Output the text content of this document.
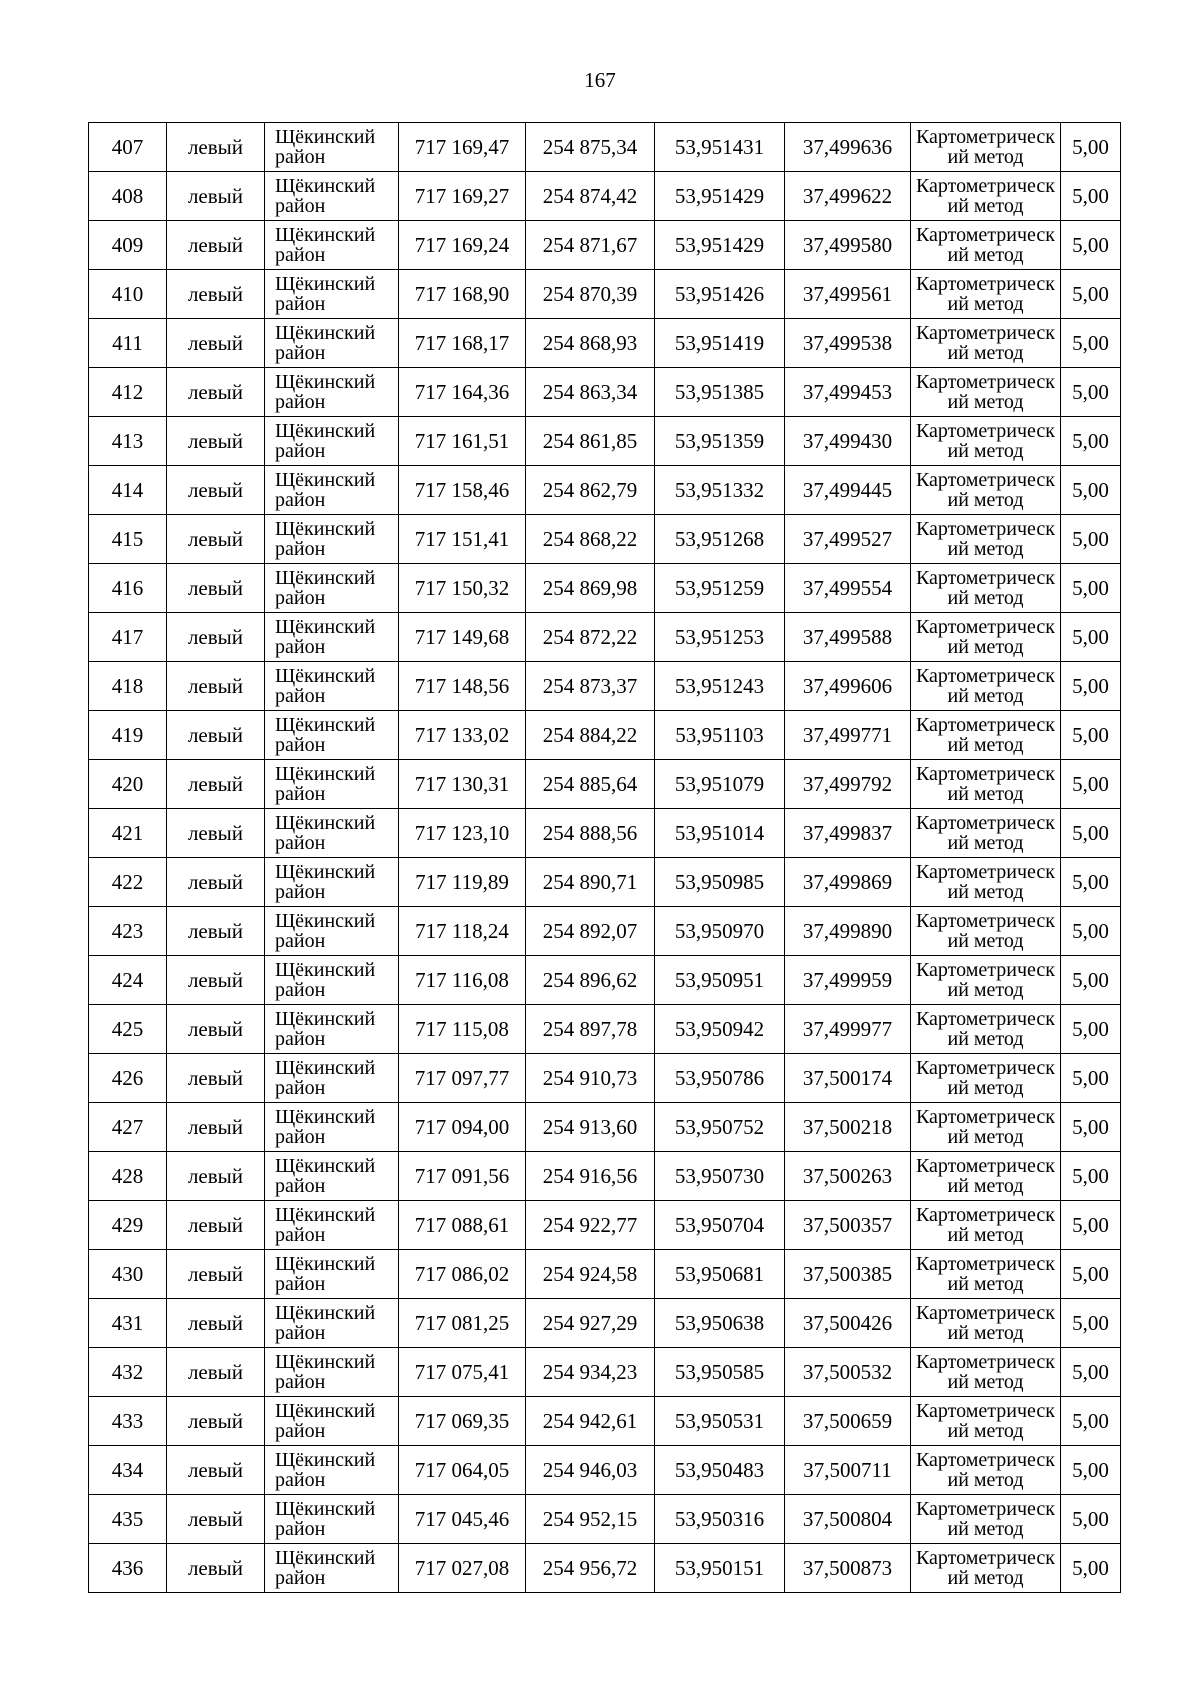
167
407	левый	Щёкинский район	717 169,47	254 875,34	53,951431	37,499636	Картометрический метод	5,00
408	левый	Щёкинский район	717 169,27	254 874,42	53,951429	37,499622	Картометрический метод	5,00
409	левый	Щёкинский район	717 169,24	254 871,67	53,951429	37,499580	Картометрический метод	5,00
410	левый	Щёкинский район	717 168,90	254 870,39	53,951426	37,499561	Картометрический метод	5,00
411	левый	Щёкинский район	717 168,17	254 868,93	53,951419	37,499538	Картометрический метод	5,00
412	левый	Щёкинский район	717 164,36	254 863,34	53,951385	37,499453	Картометрический метод	5,00
413	левый	Щёкинский район	717 161,51	254 861,85	53,951359	37,499430	Картометрический метод	5,00
414	левый	Щёкинский район	717 158,46	254 862,79	53,951332	37,499445	Картометрический метод	5,00
415	левый	Щёкинский район	717 151,41	254 868,22	53,951268	37,499527	Картометрический метод	5,00
416	левый	Щёкинский район	717 150,32	254 869,98	53,951259	37,499554	Картометрический метод	5,00
417	левый	Щёкинский район	717 149,68	254 872,22	53,951253	37,499588	Картометрический метод	5,00
418	левый	Щёкинский район	717 148,56	254 873,37	53,951243	37,499606	Картометрический метод	5,00
419	левый	Щёкинский район	717 133,02	254 884,22	53,951103	37,499771	Картометрический метод	5,00
420	левый	Щёкинский район	717 130,31	254 885,64	53,951079	37,499792	Картометрический метод	5,00
421	левый	Щёкинский район	717 123,10	254 888,56	53,951014	37,499837	Картометрический метод	5,00
422	левый	Щёкинский район	717 119,89	254 890,71	53,950985	37,499869	Картометрический метод	5,00
423	левый	Щёкинский район	717 118,24	254 892,07	53,950970	37,499890	Картометрический метод	5,00
424	левый	Щёкинский район	717 116,08	254 896,62	53,950951	37,499959	Картометрический метод	5,00
425	левый	Щёкинский район	717 115,08	254 897,78	53,950942	37,499977	Картометрический метод	5,00
426	левый	Щёкинский район	717 097,77	254 910,73	53,950786	37,500174	Картометрический метод	5,00
427	левый	Щёкинский район	717 094,00	254 913,60	53,950752	37,500218	Картометрический метод	5,00
428	левый	Щёкинский район	717 091,56	254 916,56	53,950730	37,500263	Картометрический метод	5,00
429	левый	Щёкинский район	717 088,61	254 922,77	53,950704	37,500357	Картометрический метод	5,00
430	левый	Щёкинский район	717 086,02	254 924,58	53,950681	37,500385	Картометрический метод	5,00
431	левый	Щёкинский район	717 081,25	254 927,29	53,950638	37,500426	Картометрический метод	5,00
432	левый	Щёкинский район	717 075,41	254 934,23	53,950585	37,500532	Картометрический метод	5,00
433	левый	Щёкинский район	717 069,35	254 942,61	53,950531	37,500659	Картометрический метод	5,00
434	левый	Щёкинский район	717 064,05	254 946,03	53,950483	37,500711	Картометрический метод	5,00
435	левый	Щёкинский район	717 045,46	254 952,15	53,950316	37,500804	Картометрический метод	5,00
436	левый	Щёкинский район	717 027,08	254 956,72	53,950151	37,500873	Картометрический метод	5,00
